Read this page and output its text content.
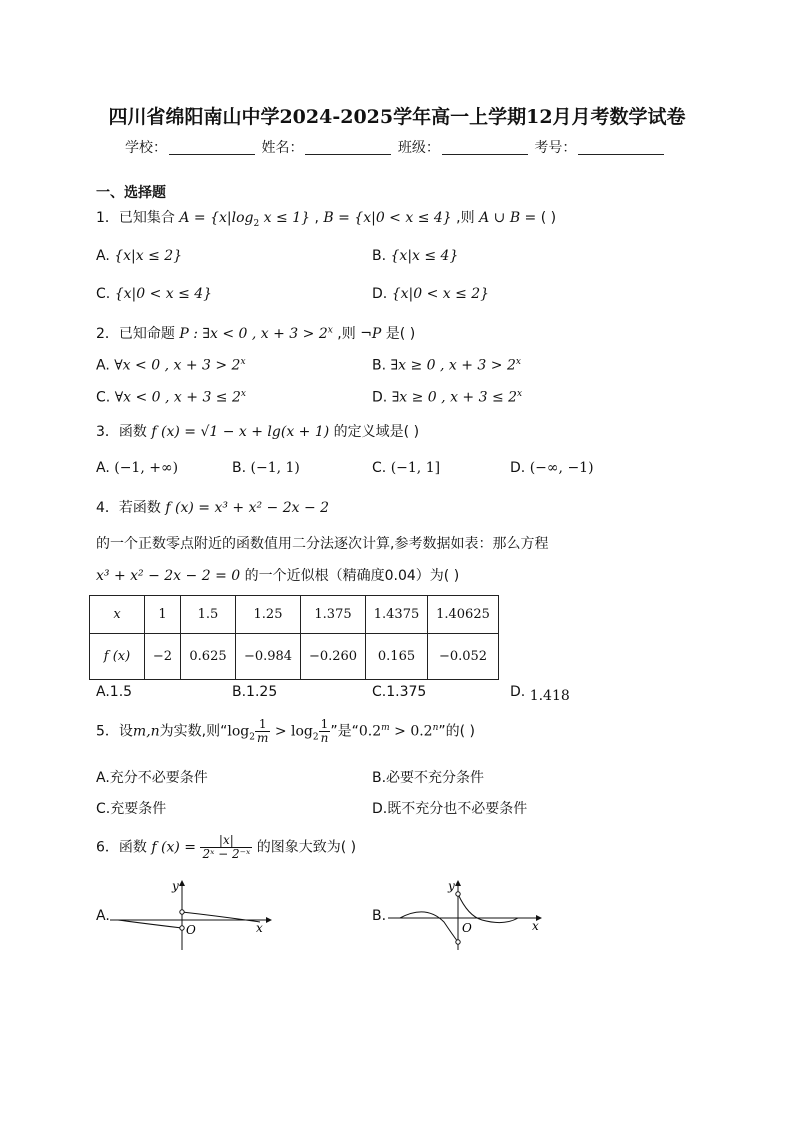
四川省绵阳南山中学2024-2025学年高一上学期12月月考数学试卷
学校：	姓名：	班级：	考号：
一、选择题
1．已知集合 $A = \{x|\log_2$ x ≤ 1} , B = {x|0 < x ≤ 4} ,则 A ∪ B = ( )
A. {x|x ≤ 2}	B. {x|x ≤ 4}
C. {x|0 < x ≤ 4}	D. {x|0 < x ≤ 2}
2．已知命题 P : ∃x < 0 , $x + 3 > 2^x$ ,则 ¬P 是( )
A. ∀x < 0 , $x + 3 > 2^x$	B. ∃x ≥ 0 , $x + 3 > 2^x$
C. ∀x < 0 , $x + 3 \le 2^x$	D. ∃x ≥ 0 , $x + 3 \le 2^x$
3．函数 f (x) = √1 − x + lg(x + 1) 的定义域是( )
A. (−1, +∞)	B. (−1, 1)	C. (−1, 1]	D. (−∞, −1)
4．若函数 f (x) = x³ + x² − 2x − 2
的一个正数零点附近的函数值用二分法逐次计算,参考数据如表：那么方程
x³ + x² − 2x − 2 = 0 的一个近似根（精确度0.04）为( )
x	1	1.5	1.25	1.375	1.4375	1.40625
f (x)	−2	0.625	−0.984	−0.260	0.165	−0.052
A.1.5	B.1.25	C.1.375	D. 1.418
5．设m,n为实数,则“$\log_2 \frac{1}{m} > \log_2 \frac{1}{n}$ ”是“$0.2^m > 0.2^n$”的( )
A.充分不必要条件	B.必要不充分条件
C.充要条件	D.既不充分也不必要条件
6．函数 f $(x) = \frac{|x|}{\text{2ˣ − 2⁻ˣ}}$ 的图象大致为( )
A.
y
O	x
B.
y
O	x
